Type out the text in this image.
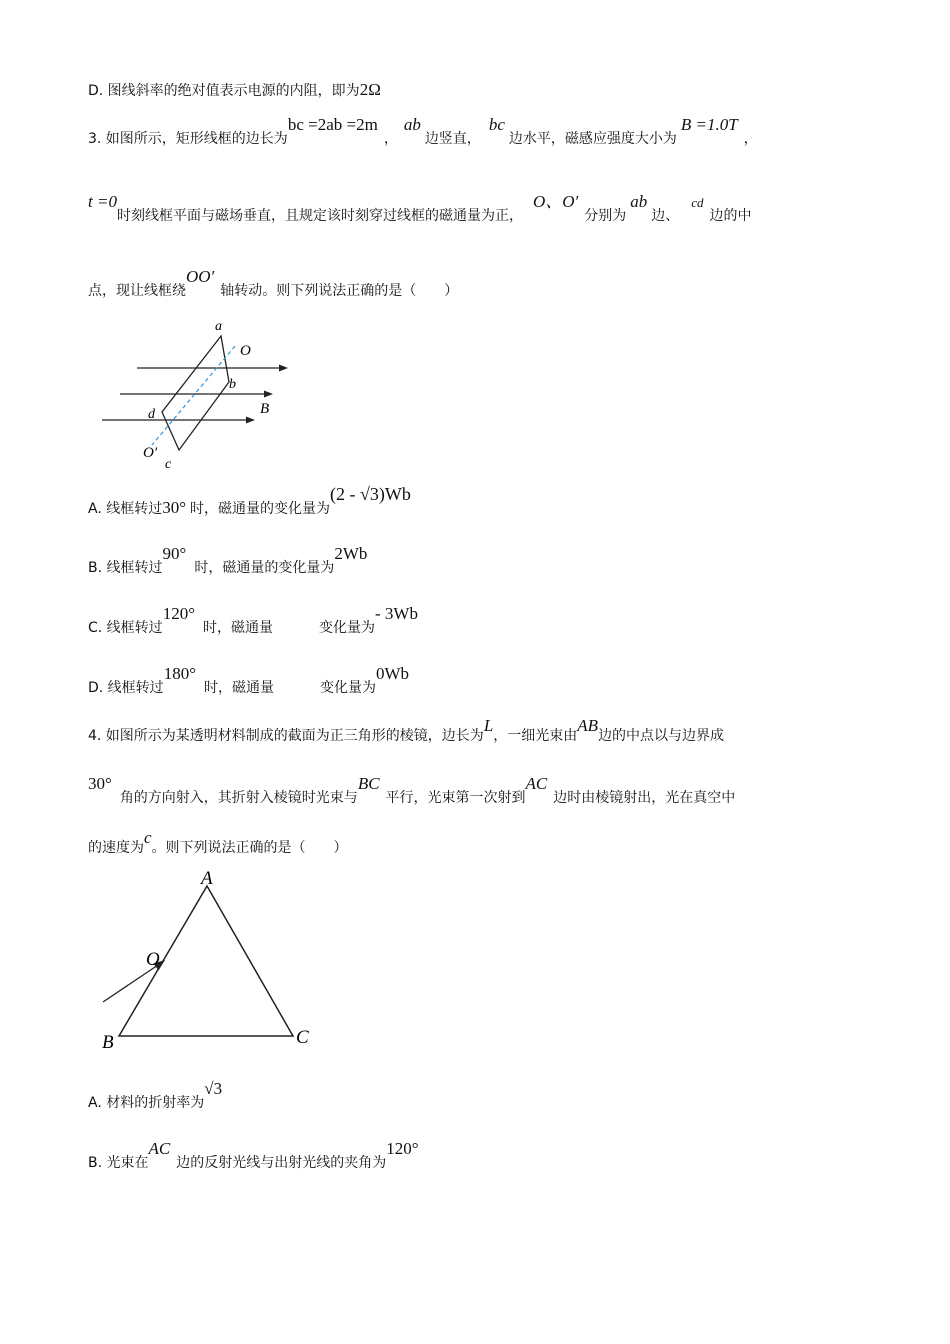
D. 图线斜率的绝对值表示电源的内阻，即为2Ω
3. 如图所示，矩形线框的边长为bc =2ab =2m，ab边竖直，bc边水平，磁感应强度大小为B =1.0T，
t =0时刻线框平面与磁场垂直，且规定该时刻穿过线框的磁通量为正，O、O′分别为ab边、cd边的中
点，现让线框绕OO′轴转动。则下列说法正确的是（　　）
a
O
b
B
d
O′
c
A. 线框转过30° 时，磁通量的变化量为(2 - √3)Wb
B. 线框转过90°时，磁通量的变化量为2Wb
C. 线框转过120°时，磁通量	变化量为- 3Wb
D. 线框转过180°时，磁通量	变化量为0Wb
4. 如图所示为某透明材料制成的截面为正三角形的棱镜，边长为L，一细光束由AB边的中点以与边界成
30°角的方向射入，其折射入棱镜时光束与BC平行，光束第一次射到AC边时由棱镜射出，光在真空中
的速度为c。则下列说法正确的是（　　）
A
O
B	C
A. 材料的折射率为√3
B. 光束在AC边的反射光线与出射光线的夹角为120°
